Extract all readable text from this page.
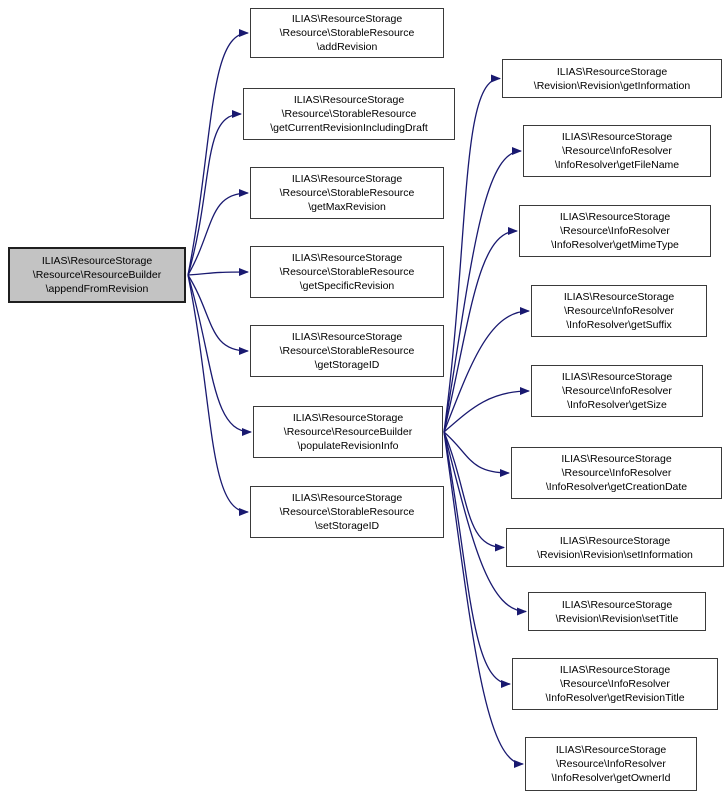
ILIAS\ResourceStorage
\Resource\ResourceBuilder
\appendFromRevision
ILIAS\ResourceStorage
\Resource\StorableResource
\addRevision
ILIAS\ResourceStorage
\Resource\StorableResource
\getCurrentRevisionIncludingDraft
ILIAS\ResourceStorage
\Resource\StorableResource
\getMaxRevision
ILIAS\ResourceStorage
\Resource\StorableResource
\getSpecificRevision
ILIAS\ResourceStorage
\Resource\StorableResource
\getStorageID
ILIAS\ResourceStorage
\Resource\ResourceBuilder
\populateRevisionInfo
ILIAS\ResourceStorage
\Resource\StorableResource
\setStorageID
ILIAS\ResourceStorage
\Revision\Revision\getInformation
ILIAS\ResourceStorage
\Resource\InfoResolver
\InfoResolver\getFileName
ILIAS\ResourceStorage
\Resource\InfoResolver
\InfoResolver\getMimeType
ILIAS\ResourceStorage
\Resource\InfoResolver
\InfoResolver\getSuffix
ILIAS\ResourceStorage
\Resource\InfoResolver
\InfoResolver\getSize
ILIAS\ResourceStorage
\Resource\InfoResolver
\InfoResolver\getCreationDate
ILIAS\ResourceStorage
\Revision\Revision\setInformation
ILIAS\ResourceStorage
\Revision\Revision\setTitle
ILIAS\ResourceStorage
\Resource\InfoResolver
\InfoResolver\getRevisionTitle
ILIAS\ResourceStorage
\Resource\InfoResolver
\InfoResolver\getOwnerId
